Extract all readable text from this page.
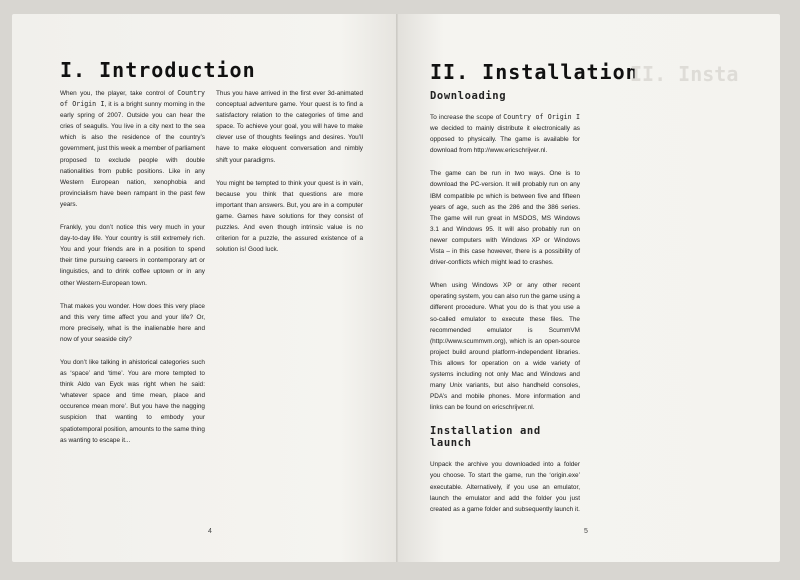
I. Introduction

When you, the player, take control of Country of Origin I, it is a bright sunny morning in the early spring of 2007. Outside you can hear the cries of seagulls. You live in a city next to the sea which is also the residence of the country’s government, just this week a member of parliament proposed to exclude people with double nationalities from public positions. Like in any Western European nation, xenophobia and provincialism have been rampant in the past few years.

Frankly, you don’t notice this very much in your day-to-day life. Your country is still extremely rich. You and your friends are in a position to spend their time pursuing careers in contemporary art or linguistics, and to drink coffee uptown or in any other Western-European town.

That makes you wonder. How does this very place and this very time affect you and your life? Or, more precisely, what is the inalienable here and now of your seaside city?

You don’t like talking in ahistorical categories such as ‘space’ and ‘time’. You are more tempted to think Aldo van Eyck was right when he said: ‘whatever space and time mean, place and occurence mean more’. But you have the nagging suspicion that wanting to embody your spatiotemporal position, amounts to the same thing as wanting to escape it...

Thus you have arrived in the first ever 3d-animated conceptual adventure game. Your quest is to find a satisfactory relation to the categories of time and space. To achieve your goal, you will have to make clever use of thoughts feelings and desires. You’ll have to make eloquent conversation and nimbly shift your paradigms.

You might be tempted to think your quest is in vain, because you think that questions are more important than answers. But, you are in a computer game. Games have solutions for they consist of puzzles. And even though intrinsic value is no criterion for a puzzle, the assured existence of a solution is! Good luck.

4
II. Installation
II. Insta
Downloading

To increase the scope of Country of Origin I we decided to mainly distribute it electronically as opposed to physically. The game is available for download from http://www.ericschrijver.nl.

The game can be run in two ways. One is to download the PC-version. It will probably run on any IBM compatible pc which is between five and fifteen years of age, such as the 286 and the 386 series. The game will run great in MSDOS, MS Windows 3.1 and Windows 95. It will also probably run on newer computers with Windows XP or Windows Vista – in this case however, there is a possibility of driver-conflicts which might lead to crashes.

When using Windows XP or any other recent operating system, you can also run the game using a different procedure. What you do is that you use a so-called emulator to execute these files. The recommended emulator is ScummVM (http://www.scummvm.org), which is an open-source project build around platform-independent libraries. This allows for operation on a wide variety of systems including not only Mac and Windows and many Unix variants, but also handheld consoles, PDA’s and mobile phones. More information and links can be found on ericschrijver.nl.

Installation and launch

Unpack the archive you downloaded into a folder you choose. To start the game, run the ‘origin.exe’ executable. Alternatively, if you use an emulator, launch the emulator and add the folder you just created as a game folder and subsequently launch it.

5
